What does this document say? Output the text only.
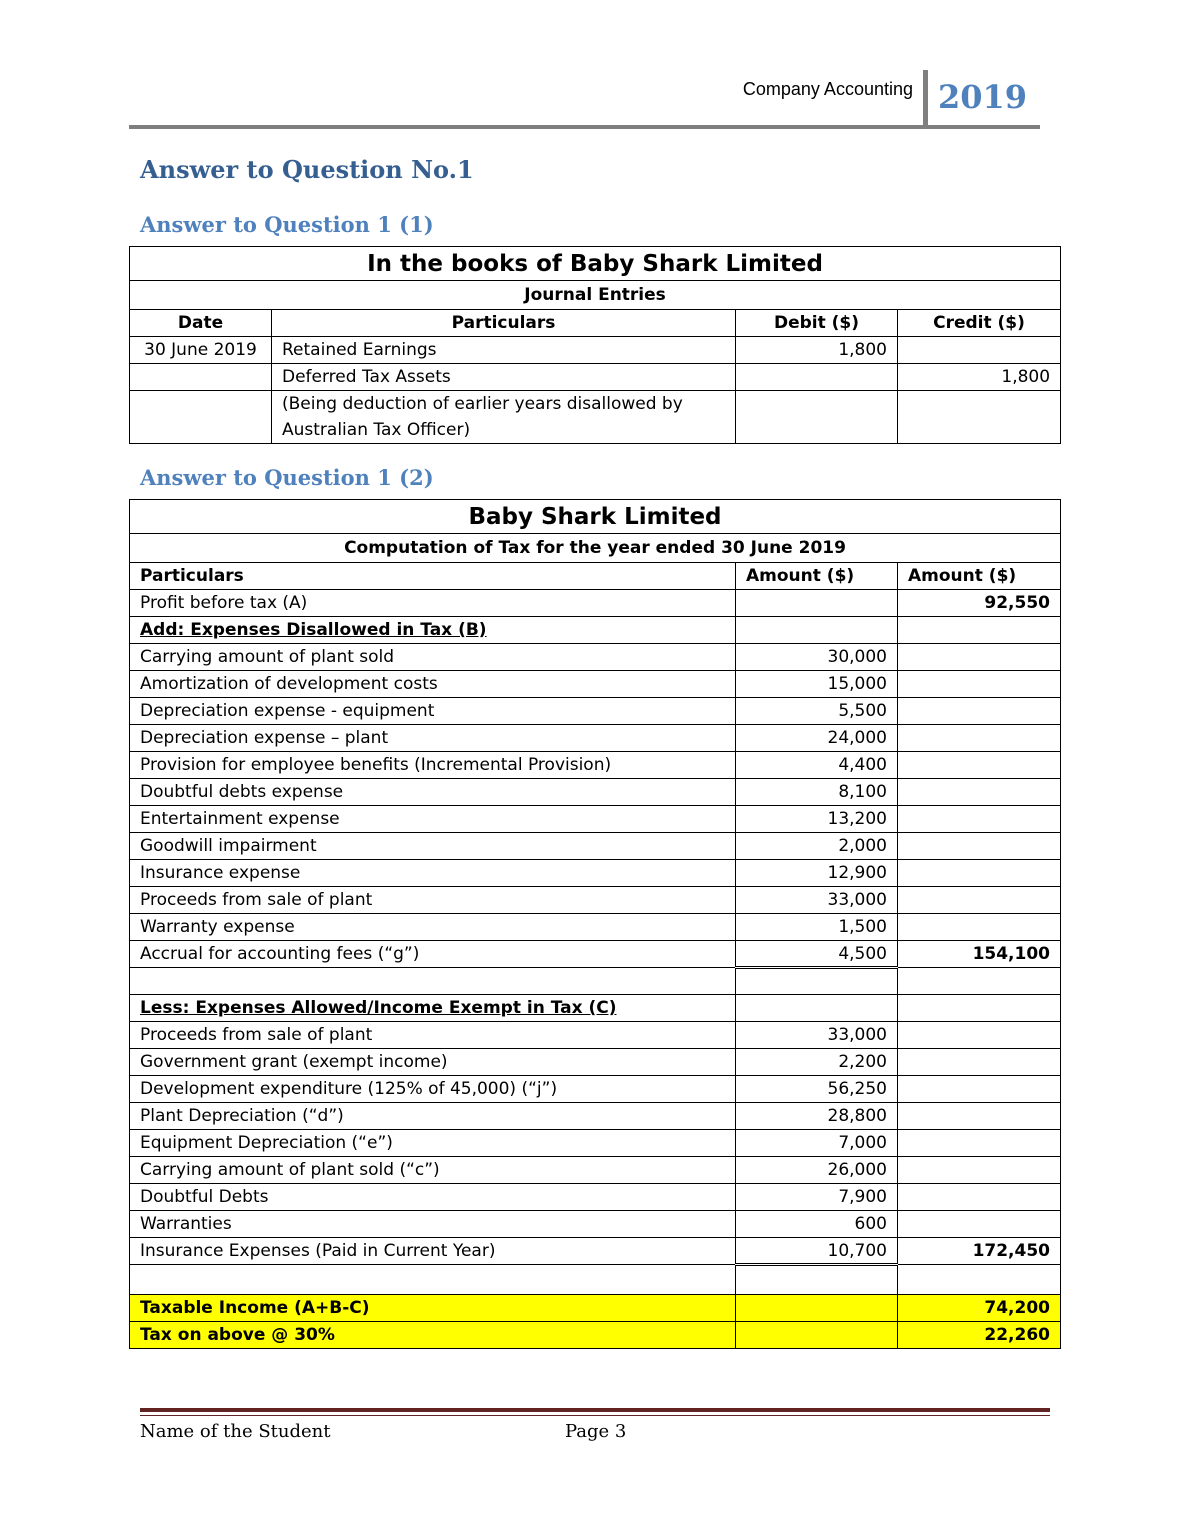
Company Accounting 2019
Answer to Question No.1
Answer to Question 1 (1)
In the books of Baby Shark Limited			
Journal Entries			
Date	Particulars	Debit ($)	Credit ($)
30 June 2019	Retained Earnings	1,800	
	Deferred Tax Assets		1,800
	(Being deduction of earlier years disallowed by Australian Tax Officer)		
Answer to Question 1 (2)
Baby Shark Limited		
Computation of Tax for the year ended 30 June 2019		
Particulars	Amount ($)	Amount ($)
Profit before tax (A)		92,550
Add: Expenses Disallowed in Tax (B)		
Carrying amount of plant sold	30,000	
Amortization of development costs	15,000	
Depreciation expense - equipment	5,500	
Depreciation expense – plant	24,000	
Provision for employee benefits (Incremental Provision)	4,400	
Doubtful debts expense	8,100	
Entertainment expense	13,200	
Goodwill impairment	2,000	
Insurance expense	12,900	
Proceeds from sale of plant	33,000	
Warranty expense	1,500	
Accrual for accounting fees (“g”)	4,500	154,100

Less: Expenses Allowed/Income Exempt in Tax (C)		
Proceeds from sale of plant	33,000	
Government grant (exempt income)	2,200	
Development expenditure (125% of 45,000) (“j”)	56,250	
Plant Depreciation (“d”)	28,800	
Equipment Depreciation (“e”)	7,000	
Carrying amount of plant sold (“c”)	26,000	
Doubtful Debts	7,900	
Warranties	600	
Insurance Expenses (Paid in Current Year)	10,700	172,450

Taxable Income (A+B-C)		74,200
Tax on above @ 30%		22,260
Name of the Student	Page 3
